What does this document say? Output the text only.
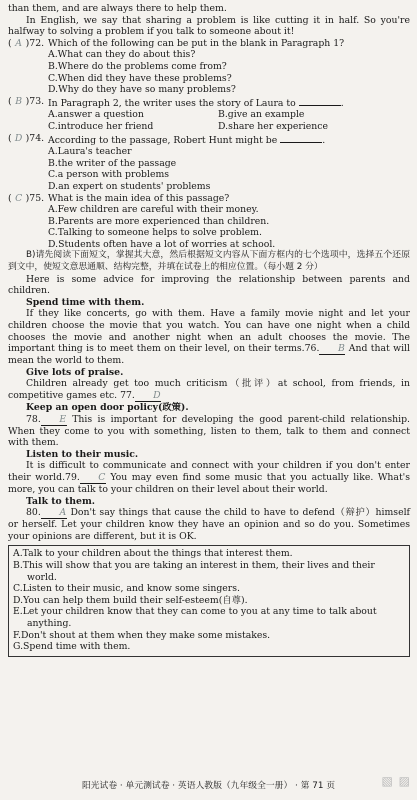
than them, and are always there to help them.

In English, we say that sharing a problem is like cutting it in half. So you're halfway to solving a problem if you talk to someone about it!

( A )72. Which of the following can be put in the blank in Paragraph 1?

A.What can they do about this?

B.Where do the problems come from?

C.When did they have these problems?

D.Why do they have so many problems?

( B )73. In Paragraph 2, the writer uses the story of Laura to	.
A.answer a question	B.give an example
C.introduce her friend	D.share her experience
( D )74. According to the passage, Robert Hunt might be	.

A.Laura's teacher

B.the writer of the passage

C.a person with problems

D.an expert on students' problems

( C )75. What is the main idea of this passage?

A.Few children are careful with their money.

B.Parents are more experienced than children.

C.Talking to someone helps to solve problem.

D.Students often have a lot of worries at school.

B)请先阅读下面短文，掌握其大意，然后根据短文内容从下面方框内的七个选项中，选择五个还原到文中，使短文意思通顺、结构完整，并填在试卷上的相应位置。（每小题 2 分）

Here is some advice for improving the relationship between parents and children.

Spend time with them.

If they like concerts, go with them. Have a family movie night and let your children choose the movie that you watch. You can have one night when a child chooses the movie and another night when an adult chooses the movie. The important thing is to meet them on their level, on their terms.76. B And that will mean the world to them.

Give lots of praise.

Children already get too much criticism（批评）at school, from friends, in competitive games etc. 77. D

Keep an open door policy(政策).

78. E This is important for developing the good parent-child relationship. When they come to you with something, listen to them, talk to them and connect with them.

Listen to their music.

It is difficult to communicate and connect with your children if you don't enter their world.79. C You may even find some music that you actually like. What's more, you can talk to your children on their level about their world.

Talk to them.

80. A Don't say things that cause the child to have to defend（辩护）himself or herself. Let your children know they have an opinion and so do you. Sometimes your opinions are different, but it is OK.

A.Talk to your children about the things that interest them.

B.This will show that you are taking an interest in them, their lives and their world.

C.Listen to their music, and know some singers.

D.You can help them build their self-esteem(自尊).

E.Let your children know that they can come to you at any time to talk about anything.

F.Don't shout at them when they make some mistakes.

G.Spend time with them.

阳光试卷 · 单元测试卷 · 英语人教版（九年级全一册） · 第 71 页	▧ ▨
